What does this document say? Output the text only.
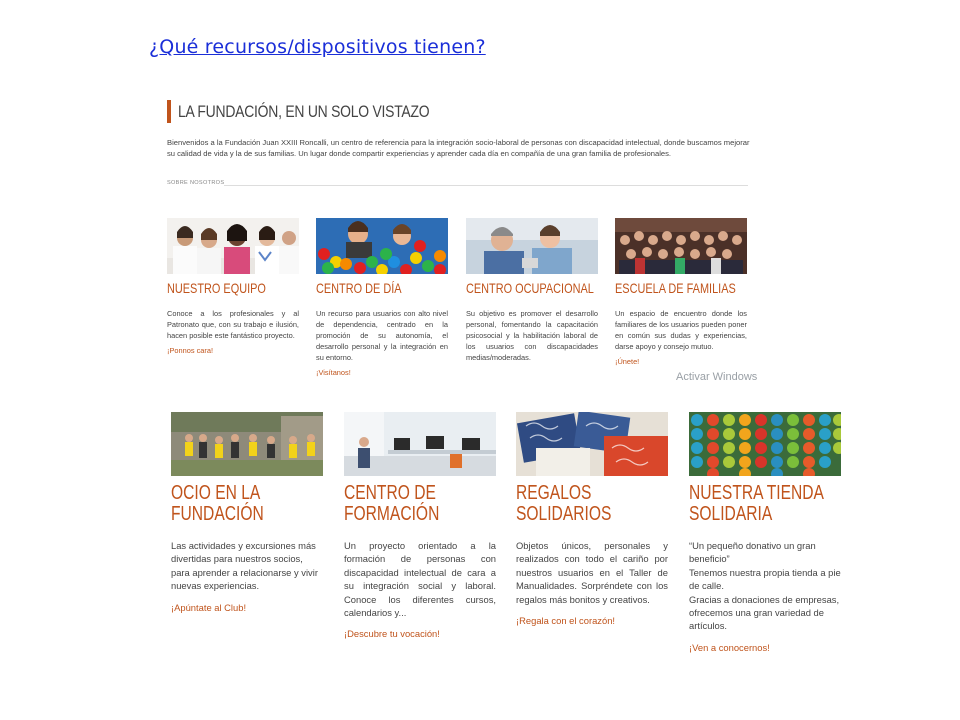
¿Qué recursos/dispositivos tienen?
LA FUNDACIÓN, EN UN SOLO VISTAZO
Bienvenidos a la Fundación Juan XXIII Roncalli, un centro de referencia para la integración socio-laboral de personas con discapacidad intelectual, donde buscamos mejorar su calidad de vida y la de sus familias. Un lugar donde compartir experiencias y aprender cada día en compañía de una gran familia de profesionales.
SOBRE NOSOTROS
NUESTRO EQUIPO
Conoce a los profesionales y al Patronato que, con su trabajo e ilusión, hacen posible este fantástico proyecto.
¡Ponnos cara!
CENTRO DE DÍA
Un recurso para usuarios con alto nivel de dependencia, centrado en la promoción de su autonomía, el desarrollo personal y la integración en su entorno.
¡Visítanos!
CENTRO OCUPACIONAL
Su objetivo es promover el desarrollo personal, fomentando la capacitación psicosocial y la habilitación laboral de los usuarios con discapacidades medias/moderadas.
ESCUELA DE FAMILIAS
Un espacio de encuentro donde los familiares de los usuarios pueden poner en común sus dudas y experiencias, darse apoyo y consejo mutuo.
¡Únete!
Activar Windows
OCIO EN LA FUNDACIÓN
Las actividades y excursiones más divertidas para nuestros socios, para aprender a relacionarse y vivir nuevas experiencias.
¡Apúntate al Club!
CENTRO DE FORMACIÓN
Un proyecto orientado a la formación de personas con discapacidad intelectual de cara a su integración social y laboral. Conoce los diferentes cursos, calendarios y...
¡Descubre tu vocación!
REGALOS SOLIDARIOS
Objetos únicos, personales y realizados con todo el cariño por nuestros usuarios en el Taller de Manualidades. Sorpréndete con los regalos más bonitos y creativos.
¡Regala con el corazón!
NUESTRA TIENDA SOLIDARIA
“Un pequeño donativo un gran beneficio”
Tenemos nuestra propia tienda a pie de calle.
Gracias a donaciones de empresas, ofrecemos una gran variedad de artículos.
¡Ven a conocernos!
